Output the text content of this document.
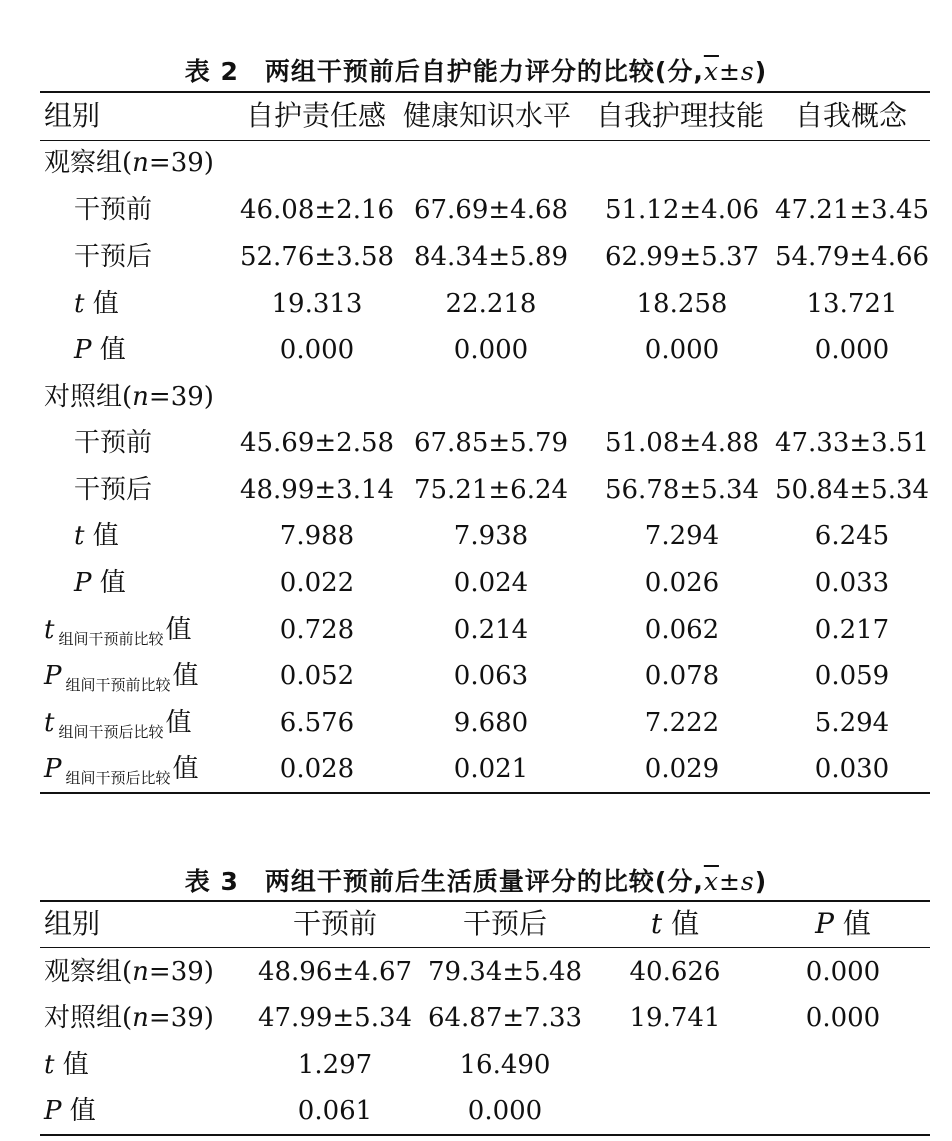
表 2 两组干预前后自护能力评分的比较(分$,\overline{x}\pm s$)
组别	自护责任感 健康知识水平 自我护理技能 自我概念
观察组(n=39)
干预前	46.08±2.16 67.69±4.68 51.12±4.06 47.21±3.45
干预后	52.76±3.58 84.34±5.89 62.99±5.37 54.79±4.66
t 值	19.313	22.218	18.258	13.721
P 值	0.000	0.000	0.000	0.000
对照组(n=39)
干预前	45.69±2.58 67.85±5.79 51.08±4.88 47.33±3.51
干预后	48.99±3.14 75.21±6.24 56.78±5.34 50.84±5.34
t 值	7.988	7.938	7.294	6.245
P 值	0.022	0.024	0.026	0.033
t $_{组间干预前比较}$值	0.728	0.214	0.062	0.217
P $_{组间干预前比较}$值	0.052	0.063	0.078	0.059
t $_{组间干预后比较}$值	6.576	9.680	7.222	5.294
P $_{组间干预后比较}$值	0.028	0.021	0.029	0.030
表 3 两组干预前后生活质量评分的比较(分$,\overline{x}\pm s$)
组别	干预前	干预后	t 值	P 值
观察组(n=39) 48.96±4.67 79.34±5.48	40.626	0.000
对照组(n=39) 47.99±5.34 64.87±7.33	19.741	0.000
t 值	1.297	16.490
P 值	0.061	0.000
